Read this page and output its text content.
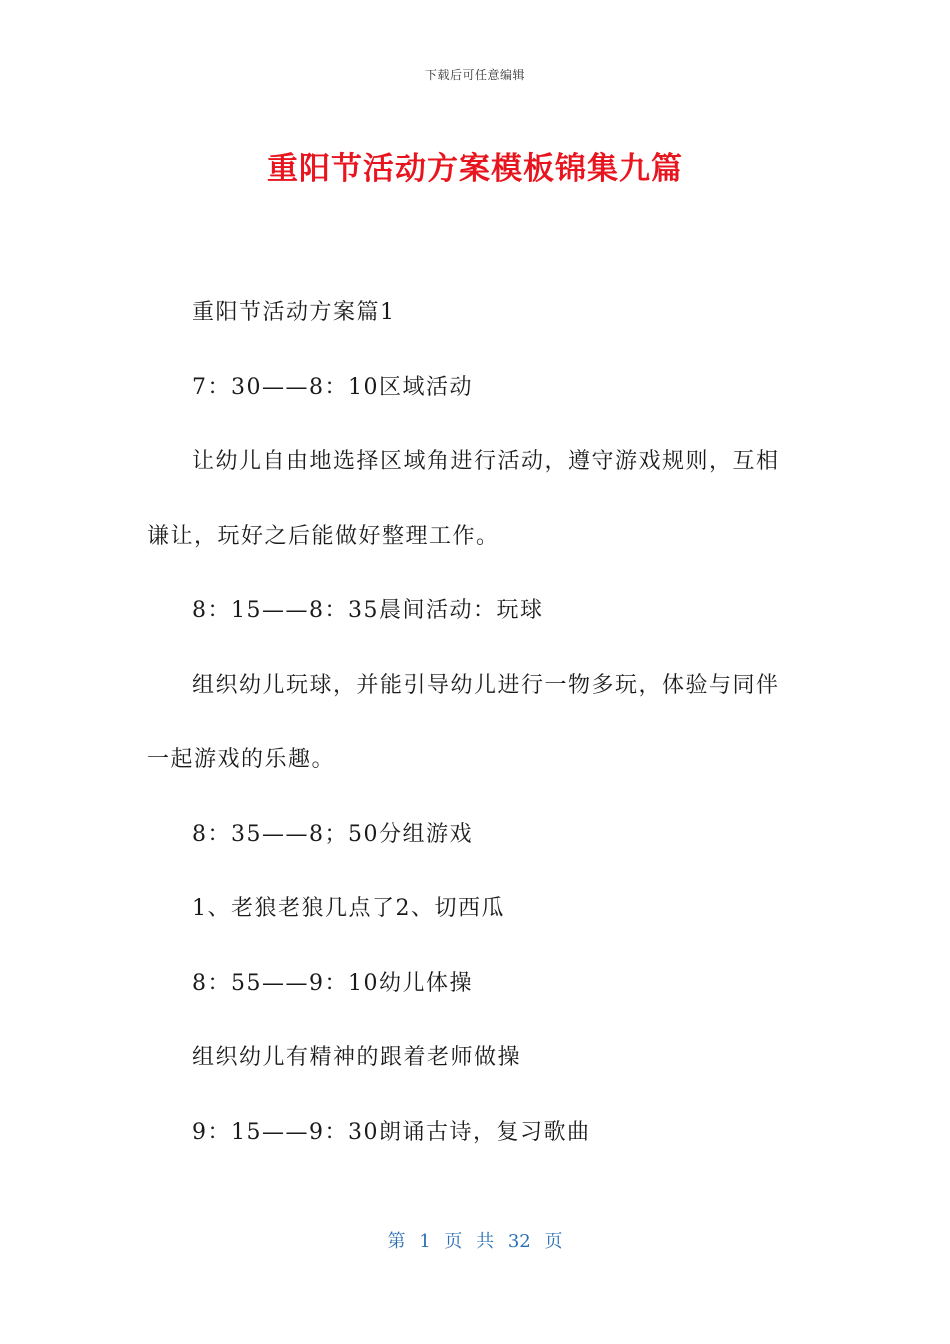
下载后可任意编辑
重阳节活动方案模板锦集九篇

重阳节活动方案篇1

7：30——8：10区域活动

让幼儿自由地选择区域角进行活动，遵守游戏规则，互相谦让，玩好之后能做好整理工作。

8：15——8：35晨间活动：玩球

组织幼儿玩球，并能引导幼儿进行一物多玩，体验与同伴一起游戏的乐趣。

8：35——8；50分组游戏

1、老狼老狼几点了2、切西瓜

8：55——9：10幼儿体操

组织幼儿有精神的跟着老师做操

9：15——9：30朗诵古诗，复习歌曲

第 1 页 共 32 页
